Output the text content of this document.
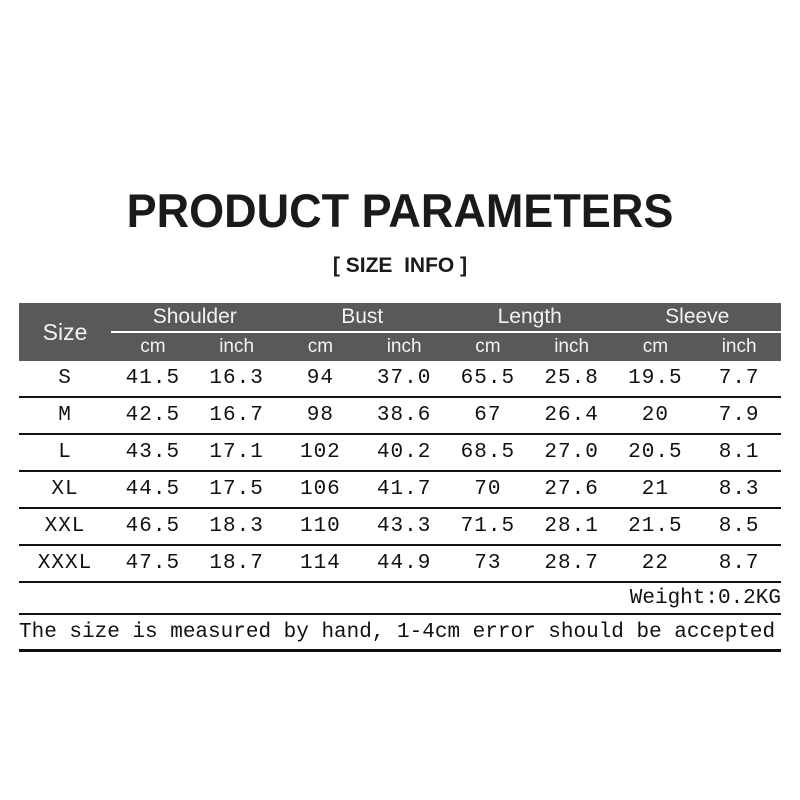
PRODUCT PARAMETERS
[ SIZE  INFO ]
Size
Shoulder	Bust	Length	Sleeve
cm	inch	cm	inch	cm	inch	cm	inch
S	41.5	16.3	94	37.0	65.5	25.8	19.5	7.7
M	42.5	16.7	98	38.6	67	26.4	20	7.9
L	43.5	17.1	102	40.2	68.5	27.0	20.5	8.1
XL	44.5	17.5	106	41.7	70	27.6	21	8.3
XXL	46.5	18.3	110	43.3	71.5	28.1	21.5	8.5
XXXL	47.5	18.7	114	44.9	73	28.7	22	8.7
Weight:0.2KG
The size is measured by hand, 1-4cm error should be accepted
